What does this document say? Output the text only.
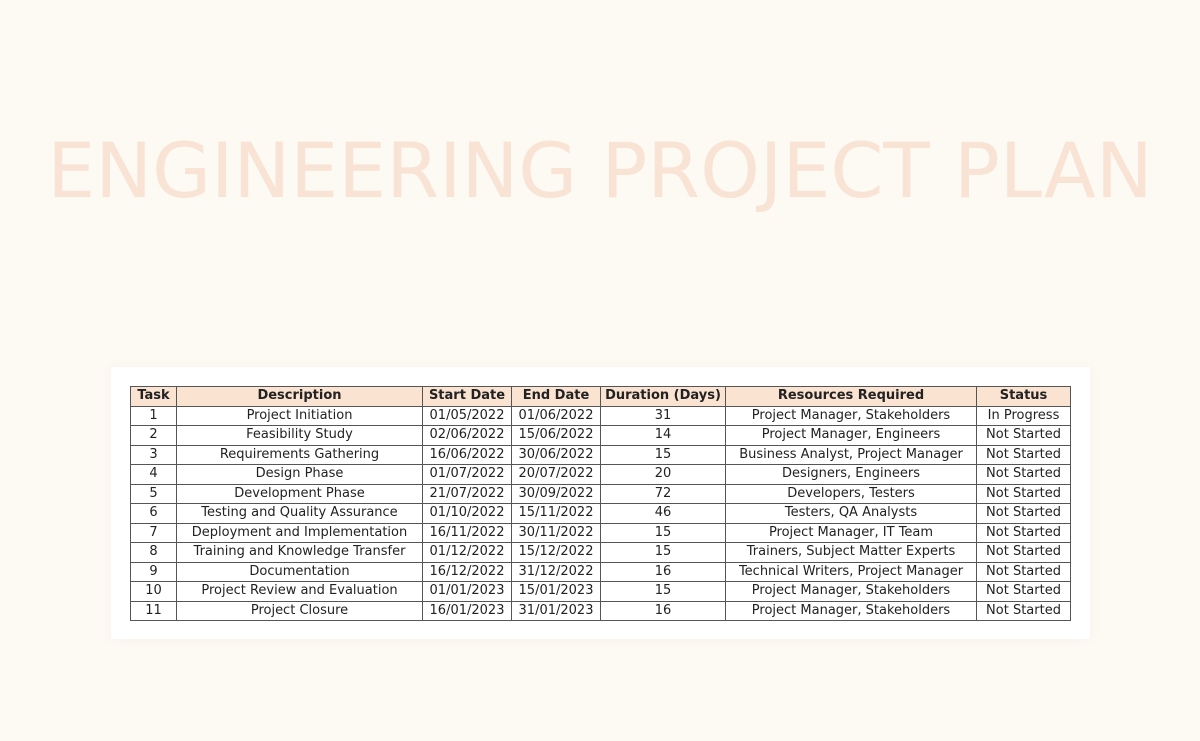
ENGINEERING PROJECT PLAN
Task	Description	Start Date	End Date	Duration (Days)	Resources Required	Status
1	Project Initiation	01/05/2022	01/06/2022	31	Project Manager, Stakeholders	In Progress
2	Feasibility Study	02/06/2022	15/06/2022	14	Project Manager, Engineers	Not Started
3	Requirements Gathering	16/06/2022	30/06/2022	15	Business Analyst, Project Manager	Not Started
4	Design Phase	01/07/2022	20/07/2022	20	Designers, Engineers	Not Started
5	Development Phase	21/07/2022	30/09/2022	72	Developers, Testers	Not Started
6	Testing and Quality Assurance	01/10/2022	15/11/2022	46	Testers, QA Analysts	Not Started
7	Deployment and Implementation	16/11/2022	30/11/2022	15	Project Manager, IT Team	Not Started
8	Training and Knowledge Transfer	01/12/2022	15/12/2022	15	Trainers, Subject Matter Experts	Not Started
9	Documentation	16/12/2022	31/12/2022	16	Technical Writers, Project Manager	Not Started
10	Project Review and Evaluation	01/01/2023	15/01/2023	15	Project Manager, Stakeholders	Not Started
11	Project Closure	16/01/2023	31/01/2023	16	Project Manager, Stakeholders	Not Started
